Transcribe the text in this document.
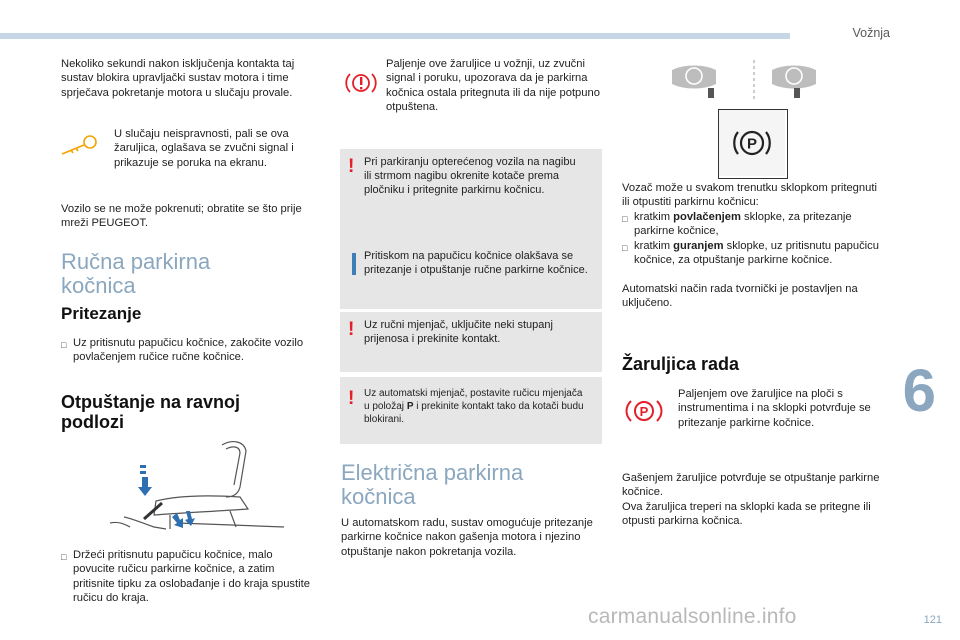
Vožnja

Nekoliko sekundi nakon isključenja kontakta taj sustav blokira upravljački sustav motora i time sprječava pokretanje motora u slučaju provale.

U slučaju neispravnosti, pali se ova žaruljica, oglašava se zvučni signal i prikazuje se poruka na ekranu.

Vozilo se ne može pokrenuti; obratite se što prije mreži PEUGEOT.

Ručna parkirna
kočnica
Pritezanje
□ Uz pritisnutu papučicu kočnice, zakočite vozilo povlačenjem ručice ručne kočnice.
Otpuštanje na ravnoj
podlozi
□ Držeći pritisnutu papučicu kočnice, malo povucite ručicu parkirne kočnice, a zatim pritisnite tipku za oslobađanje i do kraja spustite ručicu do kraja.

Paljenje ove žaruljice u vožnji, uz zvučni signal i poruku, upozorava da je parkirna kočnica ostala pritegnuta ili da nije potpuno otpuštena.

! Pri parkiranju opterećenog vozila na nagibu ili strmom nagibu okrenite kotače prema pločniku i pritegnite parkirnu kočnicu.

Pritiskom na papučicu kočnice olakšava se pritezanje i otpuštanje ručne parkirne kočnice.

! Uz ručni mjenjač, uključite neki stupanj prijenosa i prekinite kontakt.

! Uz automatski mjenjač, postavite ručicu mjenjača u položaj P i prekinite kontakt tako da kotači budu blokirani.

Električna parkirna
kočnica

U automatskom radu, sustav omogućuje pritezanje parkirne kočnice nakon gašenja motora i njezino otpuštanje nakon pokretanja vozila.

P

Vozač može u svakom trenutku sklopkom pritegnuti ili otpustiti parkirnu kočnicu:

□ kratkim povlačenjem sklopke, za pritezanje parkirne kočnice,
□ kratkim guranjem sklopke, uz pritisnutu papučicu kočnice, za otpuštanje parkirne kočnice.

Automatski način rada tvornički je postavljen na uključeno.

Žaruljica rada
P

Paljenjem ove žaruljice na ploči s instrumentima i na sklopki potvrđuje se pritezanje parkirne kočnice.

Gašenjem žaruljice potvrđuje se otpuštanje parkirne kočnice.

Ova žaruljica treperi na sklopki kada se pritegne ili otpusti parkirna kočnica.

6
121
carmanualsonline.info
